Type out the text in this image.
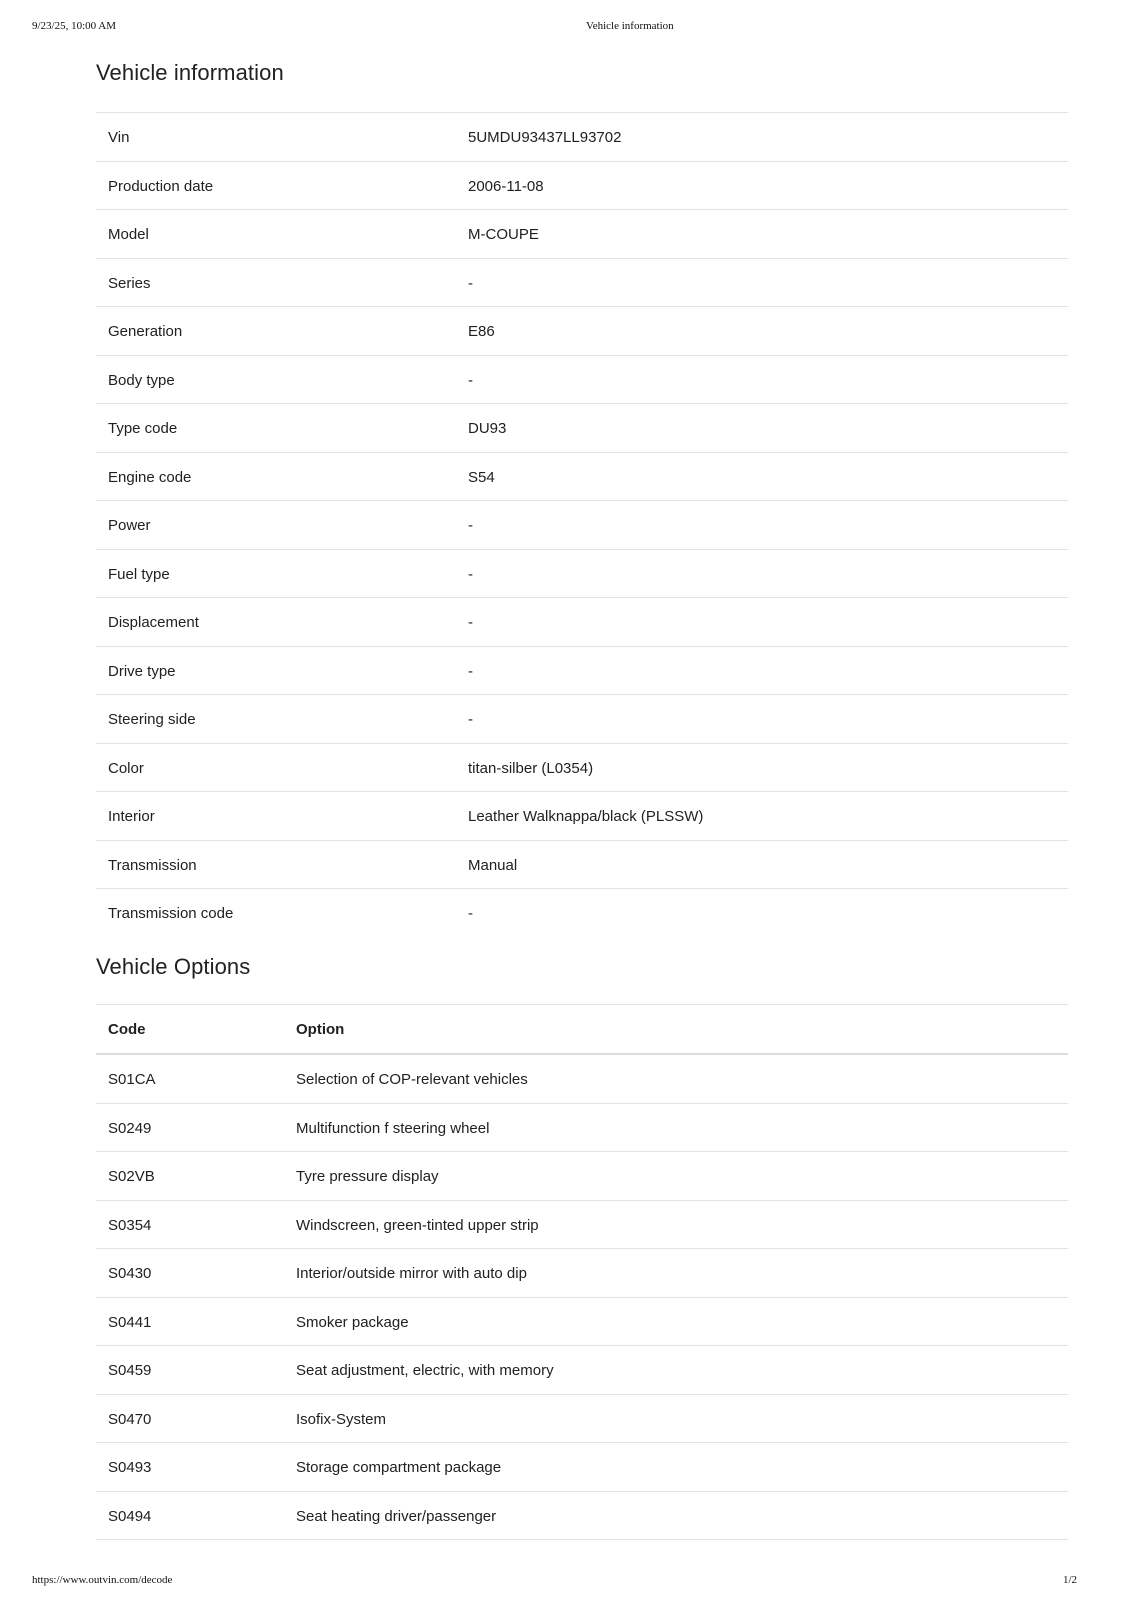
9/23/25, 10:00 AM	Vehicle information
Vehicle information
Vin	5UMDU93437LL93702
Production date	2006-11-08
Model	M-COUPE
Series	-
Generation	E86
Body type	-
Type code	DU93
Engine code	S54
Power	-
Fuel type	-
Displacement	-
Drive type	-
Steering side	-
Color	titan-silber (L0354)
Interior	Leather Walknappa/black (PLSSW)
Transmission	Manual
Transmission code	-
Vehicle Options
Code	Option
S01CA	Selection of COP-relevant vehicles
S0249	Multifunction f steering wheel
S02VB	Tyre pressure display
S0354	Windscreen, green-tinted upper strip
S0430	Interior/outside mirror with auto dip
S0441	Smoker package
S0459	Seat adjustment, electric, with memory
S0470	Isofix-System
S0493	Storage compartment package
S0494	Seat heating driver/passenger
https://www.outvin.com/decode	1/2
